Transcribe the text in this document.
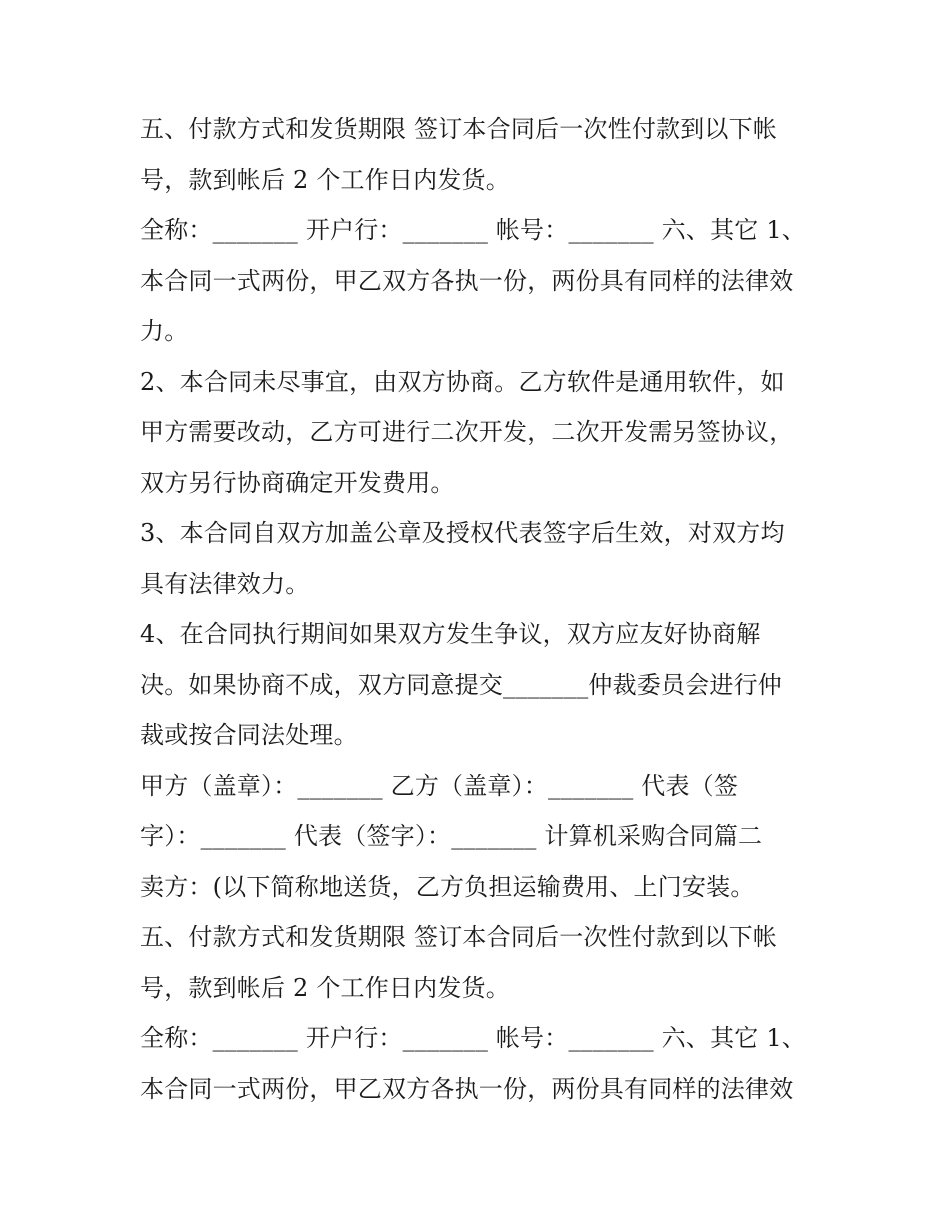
五、付款方式和发货期限 签订本合同后一次性付款到以下帐
号，款到帐后 2 个工作日内发货。
全称：_______ 开户行：_______ 帐号：_______ 六、其它 1、
本合同一式两份，甲乙双方各执一份，两份具有同样的法律效
力。
2、本合同未尽事宜，由双方协商。乙方软件是通用软件，如
甲方需要改动，乙方可进行二次开发，二次开发需另签协议，
双方另行协商确定开发费用。
3、本合同自双方加盖公章及授权代表签字后生效，对双方均
具有法律效力。
4、在合同执行期间如果双方发生争议，双方应友好协商解
决。如果协商不成，双方同意提交_______仲裁委员会进行仲
裁或按合同法处理。
甲方（盖章）：_______ 乙方（盖章）：_______ 代表（签
字）：_______ 代表（签字）：_______ 计算机采购合同篇二
卖方：(以下简称地送货，乙方负担运输费用、上门安装。
五、付款方式和发货期限 签订本合同后一次性付款到以下帐
号，款到帐后 2 个工作日内发货。
全称：_______ 开户行：_______ 帐号：_______ 六、其它 1、
本合同一式两份，甲乙双方各执一份，两份具有同样的法律效
